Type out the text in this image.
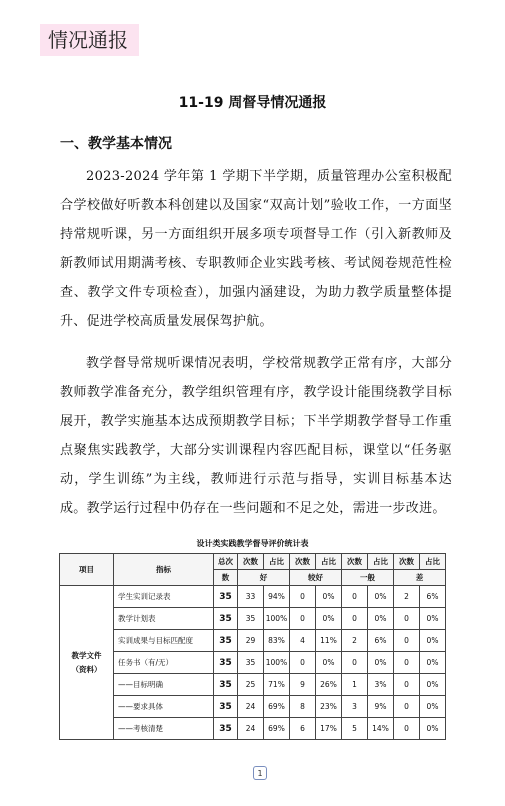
情况通报
11-19 周督导情况通报
一、教学基本情况
2023-2024 学年第 1 学期下半学期，质量管理办公室积极配合学校做好听教本科创建以及国家“双高计划”验收工作，一方面坚持常规听课，另一方面组织开展多项专项督导工作（引入新教师及新教师试用期满考核、专职教师企业实践考核、考试阅卷规范性检查、教学文件专项检查），加强内涵建设，为助力教学质量整体提升、促进学校高质量发展保驾护航。
教学督导常规听课情况表明，学校常规教学正常有序，大部分教师教学准备充分，教学组织管理有序，教学设计能围绕教学目标展开，教学实施基本达成预期教学目标；下半学期教学督导工作重点聚焦实践教学，大部分实训课程内容匹配目标，课堂以“任务驱动，学生训练”为主线，教师进行示范与指导，实训目标基本达成。教学运行过程中仍存在一些问题和不足之处，需进一步改进。
设计类实践教学督导评价统计表
项目	指标	总次	次数	占比	次数	占比	次数	占比	次数	占比
		数	好		较好		一般		差	

教学文件
（资料）	学生实训记录表	35	33	94%	0	0%	0	0%	2	6%
	教学计划表	35	35	100%	0	0%	0	0%	0	0%
	实训成果与目标匹配度	35	29	83%	4	11%	2	6%	0	0%
	任务书（有/无）	35	35	100%	0	0%	0	0%	0	0%
	——目标明确	35	25	71%	9	26%	1	3%	0	0%
	——要求具体	35	24	69%	8	23%	3	9%	0	0%
	——考核清楚	35	24	69%	6	17%	5	14%	0	0%
1
